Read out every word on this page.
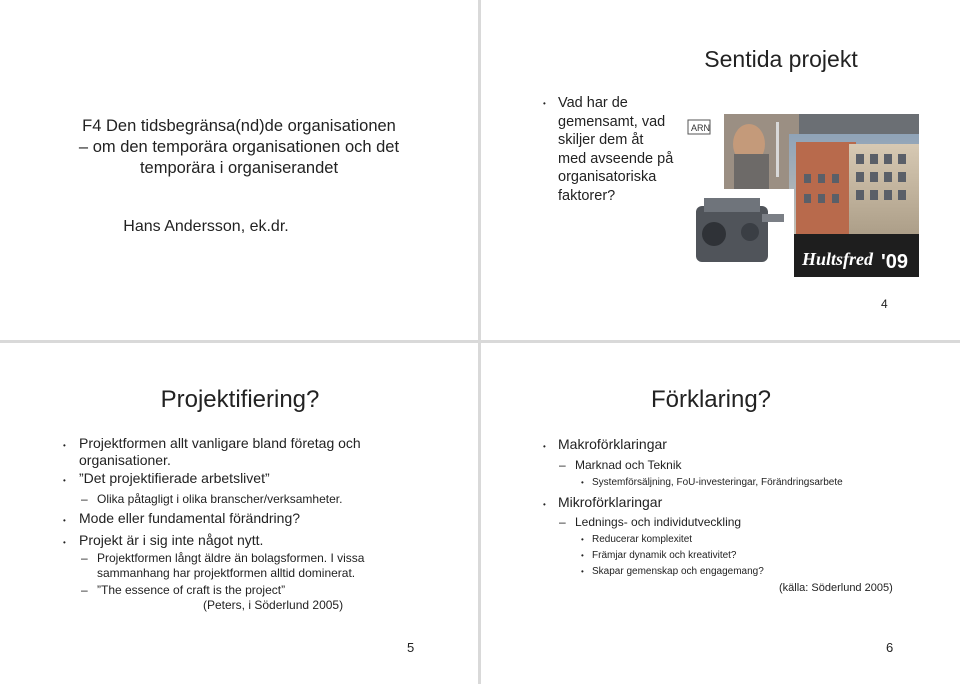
F4 Den tidsbegränsa(nd)de organisationen
– om den temporära organisationen och det
temporära i organiserandet
Hans Andersson, ek.dr.
Sentida projekt
• Vad har de
gemensamt, vad
skiljer dem åt
med avseende på
organisatoriska
faktorer?
ARN
Hultsfred '09
4
Projektifiering?
• Projektformen allt vanligare bland företag och
organisationer.
• ”Det projektifierade arbetslivet”
– Olika påtagligt i olika branscher/verksamheter.
• Mode eller fundamental förändring?
• Projekt är i sig inte något nytt.
– Projektformen långt äldre än bolagsformen. I vissa
sammanhang har projektformen alltid dominerat.
– ”The essence of craft is the project”
(Peters, i Söderlund 2005)
5
Förklaring?
• Makroförklaringar
– Marknad och Teknik
• Systemförsäljning, FoU-investeringar, Förändringsarbete
• Mikroförklaringar
– Lednings- och individutveckling
• Reducerar komplexitet
• Främjar dynamik och kreativitet?
• Skapar gemenskap och engagemang?
(källa: Söderlund 2005)
6
